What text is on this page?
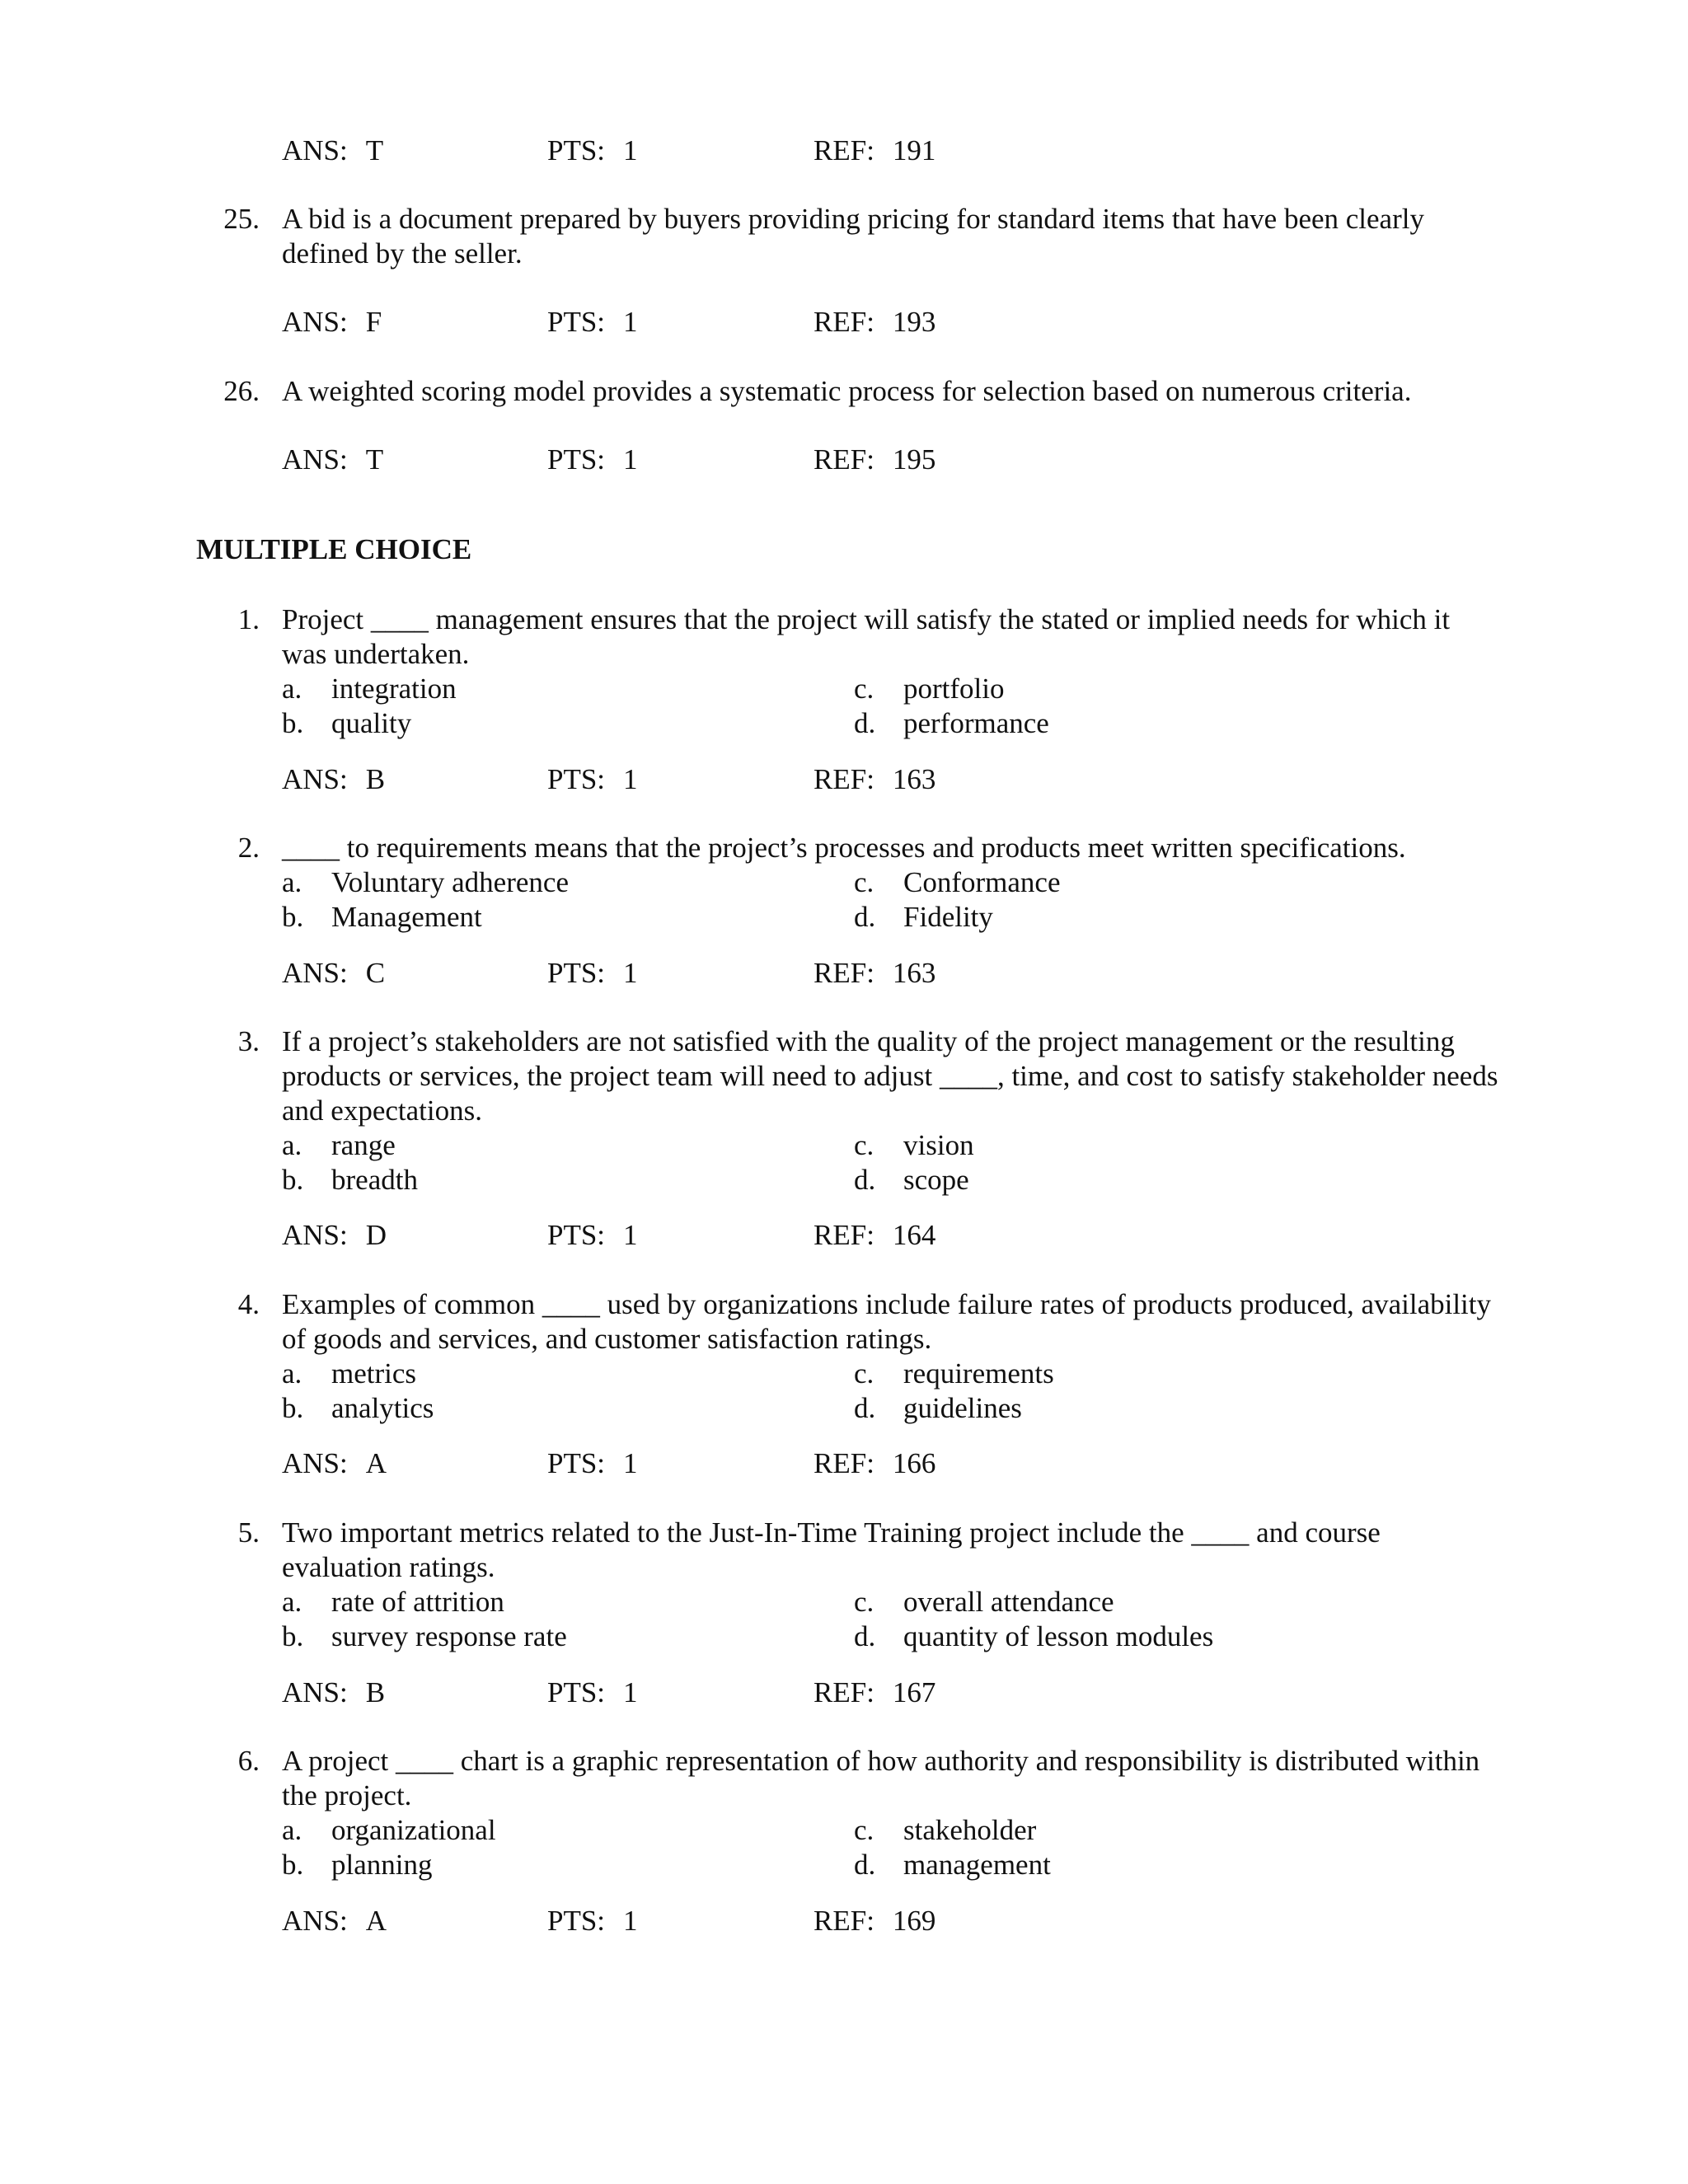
ANS: T	PTS: 1	REF: 191
25. A bid is a document prepared by buyers providing pricing for standard items that have been clearly defined by the seller.
ANS: F	PTS: 1	REF: 193
26. A weighted scoring model provides a systematic process for selection based on numerous criteria.
ANS: T	PTS: 1	REF: 195
MULTIPLE CHOICE
1. Project ____ management ensures that the project will satisfy the stated or implied needs for which it was undertaken.
a. integration
b. quality
c. portfolio
d. performance
ANS: B	PTS: 1	REF: 163
2. ____ to requirements means that the project’s processes and products meet written specifications.
a. Voluntary adherence
b. Management
c. Conformance
d. Fidelity
ANS: C	PTS: 1	REF: 163
3. If a project’s stakeholders are not satisfied with the quality of the project management or the resulting products or services, the project team will need to adjust ____, time, and cost to satisfy stakeholder needs and expectations.
a. range
b. breadth
c. vision
d. scope
ANS: D	PTS: 1	REF: 164
4. Examples of common ____ used by organizations include failure rates of products produced, availability of goods and services, and customer satisfaction ratings.
a. metrics
b. analytics
c. requirements
d. guidelines
ANS: A	PTS: 1	REF: 166
5. Two important metrics related to the Just-In-Time Training project include the ____ and course evaluation ratings.
a. rate of attrition
b. survey response rate
c. overall attendance
d. quantity of lesson modules
ANS: B	PTS: 1	REF: 167
6. A project ____ chart is a graphic representation of how authority and responsibility is distributed within the project.
a. organizational
b. planning
c. stakeholder
d. management
ANS: A	PTS: 1	REF: 169
